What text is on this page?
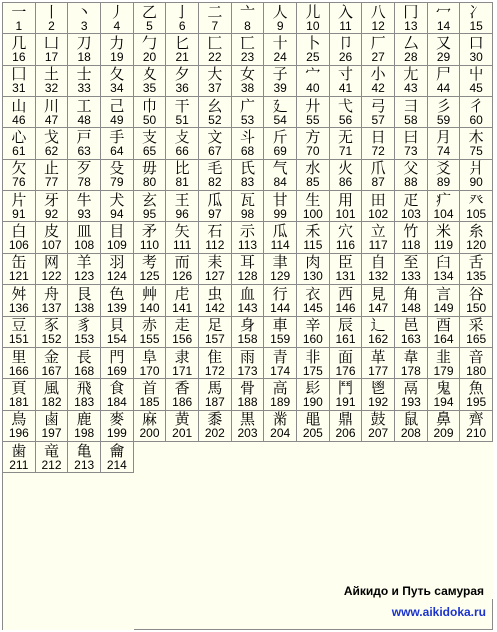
一
1
丨
2
丶
3
丿
4
乙
5
亅
6
二
7
亠
8
人
9
儿
10
入
11
八
12
冂
13
冖
14
冫
15
几
16
凵
17
刀
18
力
19
勹
20
匕
21
匚
22
匸
23
十
24
卜
25
卩
26
厂
27
厶
28
又
29
口
30
囗
31
土
32
士
33
夂
34
夊
35
夕
36
大
37
女
38
子
39
宀
40
寸
41
小
42
尢
43
尸
44
屮
45
山
46
川
47
工
48
己
49
巾
50
干
51
幺
52
广
53
廴
54
廾
55
弋
56
弓
57
彐
58
彡
59
彳
60
心
61
戈
62
戸
63
手
64
支
65
攴
66
文
67
斗
68
斤
69
方
70
无
71
日
72
曰
73
月
74
木
75
欠
76
止
77
歹
78
殳
79
毋
80
比
81
毛
82
氏
83
气
84
水
85
火
86
爪
87
父
88
爻
89
爿
90
片
91
牙
92
牛
93
犬
94
玄
95
王
96
瓜
97
瓦
98
甘
99
生
100
用
101
田
102
疋
103
疒
104
癶
105
白
106
皮
107
皿
108
目
109
矛
110
矢
111
石
112
示
113
瓜
114
禾
115
穴
116
立
117
竹
118
米
119
糸
120
缶
121
网
122
羊
123
羽
124
考
125
而
126
耒
127
耳
128
聿
129
肉
130
臣
131
自
132
至
133
臼
134
舌
135
舛
136
舟
137
艮
138
色
139
艸
140
虍
141
虫
142
血
143
行
144
衣
145
西
146
見
147
角
148
言
149
谷
150
豆
151
豕
152
豸
153
貝
154
赤
155
走
156
足
157
身
158
車
159
辛
160
辰
161
辶
162
邑
163
酉
164
采
165
里
166
金
167
長
168
門
169
阜
170
隶
171
隹
172
雨
173
青
174
非
175
面
176
革
177
韋
178
韭
179
音
180
頁
181
風
182
飛
183
食
184
首
185
香
186
馬
187
骨
188
高
189
髟
190
鬥
191
鬯
192
鬲
193
鬼
194
魚
195
鳥
196
鹵
197
鹿
198
麥
199
麻
200
黄
201
黍
202
黒
203
黹
204
黽
205
鼎
206
鼓
207
鼠
208
鼻
209
齊
210
歯
211
竜
212
亀
213
龠
214
Айкидо и Путь самурая
www.aikidoka.ru
